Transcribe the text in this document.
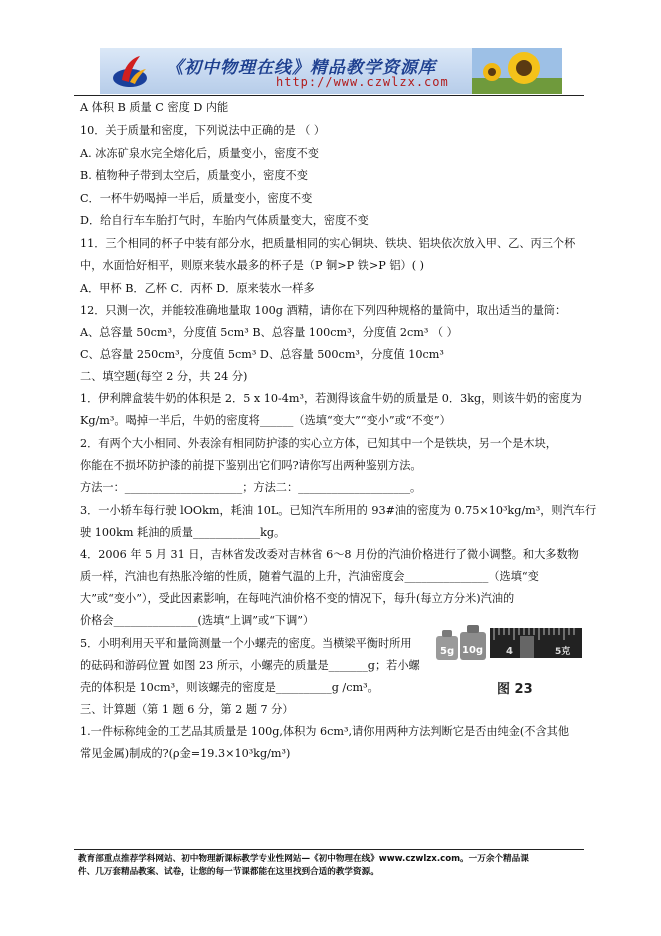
《初中物理在线》精品教学资源库
http://www.czwlzx.com
A 体积 B 质量 C 密度 D 内能
10．关于质量和密度，下列说法中正确的是 （ ）
A. 冰冻矿泉水完全熔化后，质量变小，密度不变
B. 植物种子带到太空后，质量变小，密度不变
C．一杯牛奶喝掉一半后，质量变小，密度不变
D．给自行车车胎打气时，车胎内气体质量变大，密度不变
11．三个相同的杯子中装有部分水，把质量相同的实心铜块、铁块、铝块依次放入甲、乙、丙三个杯
中，水面恰好相平，则原来装水最多的杯子是（P 铜>P 铁>P 铝）( )
A．甲杯 B．乙杯 C．丙杯 D．原来装水一样多
12．只测一次，并能较准确地量取 100g 酒精，请你在下列四种规格的量筒中，取出适当的量筒：
A、总容量 50cm³，分度值 5cm³ B、总容量 100cm³，分度值 2cm³ （ ）
C、总容量 250cm³，分度值 5cm³ D、总容量 500cm³，分度值 10cm³
二、填空题(每空 2 分，共 24 分)
1．伊利牌盒装牛奶的体积是 2．5 x 10-4m³，若测得该盒牛奶的质量是 0．3kg，则该牛奶的密度为
Kg/m³。喝掉一半后，牛奶的密度将______（选填“变大”“变小”或“不变”）
2．有两个大小相同、外表涂有相同防护漆的实心立方体，已知其中一个是铁块，另一个是木块，
你能在不损坏防护漆的前提下鉴别出它们吗?请你写出两种鉴别方法。
方法一：_____________________；方法二：____________________。
3．一小轿车每行驶 lOOkm，耗油 10L。已知汽车所用的 93#油的密度为 0.75×10³kg/m³，则汽车行
驶 100km 耗油的质量____________kg。
4．2006 年 5 月 31 日，吉林省发改委对吉林省 6～8 月份的汽油价格进行了微小调整。和大多数物
质一样，汽油也有热胀冷缩的性质，随着气温的上升，汽油密度会_______________（选填“变
大”或“变小”），受此因素影响，在每吨汽油价格不变的情况下，每升(每立方分米)汽油的
价格会_______________(选填“上调”或“下调”）
5．小明利用天平和量筒测量一个小螺壳的密度。当横梁平衡时所用
的砝码和游码位置 如图 23 所示，小螺壳的质量是_______g；若小螺
壳的体积是 10cm³，则该螺壳的密度是__________g /cm³。
三、计算题（第 1 题 6 分，第 2 题 7 分）
1.一件标称纯金的工艺品其质量是 100g,体积为 6cm³,请你用两种方法判断它是否由纯金(不含其他
常见金属)制成的?(ρ金=19.3×10³kg/m³)
5g 10g 4	5克
图 23
教育部重点推荐学科网站、初中物理新课标教学专业性网站—《初中物理在线》www.czwlzx.com。一万余个精品课
件、几万套精品教案、试卷，让您的每一节课都能在这里找到合适的教学资源。
